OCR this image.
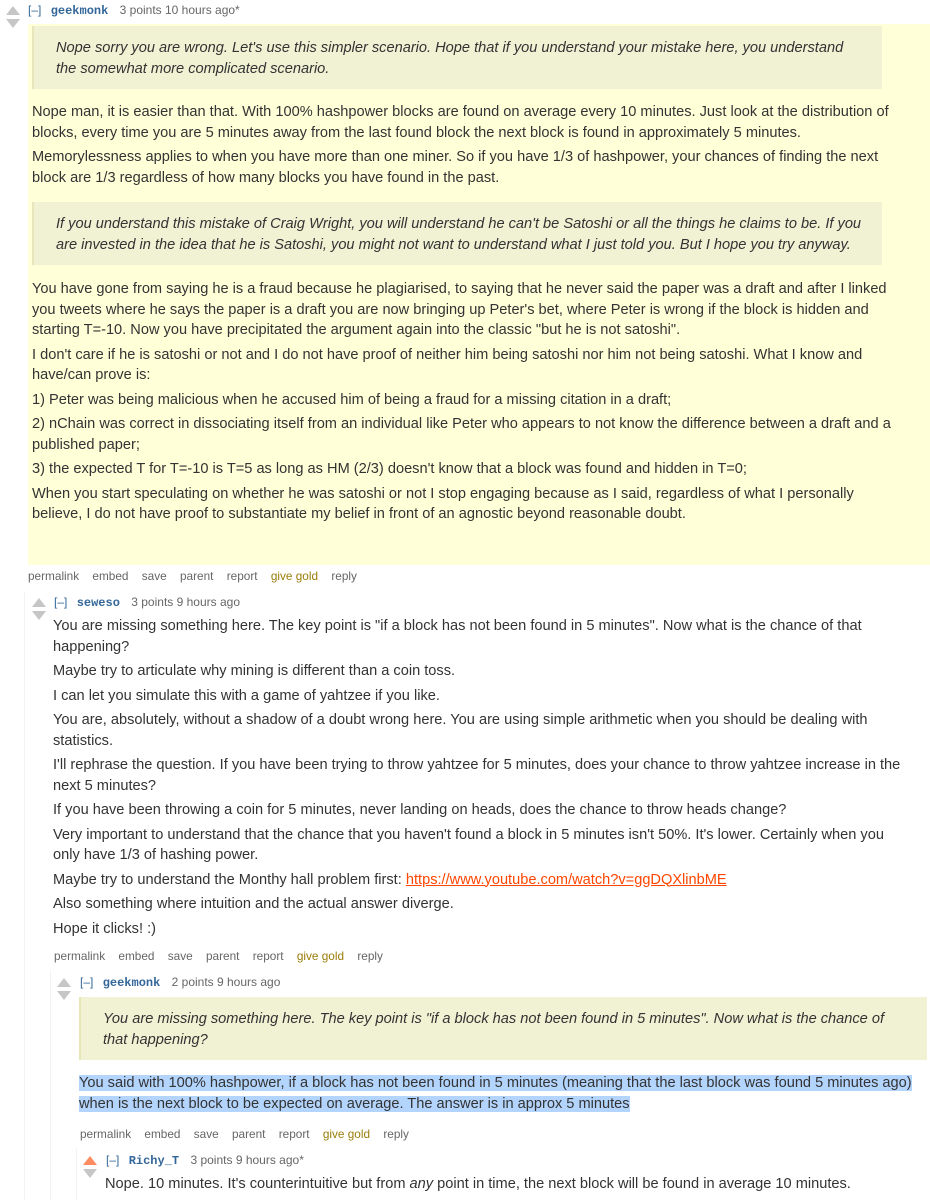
[–] geekmonk 3 points 10 hours ago*
Nope sorry you are wrong. Let's use this simpler scenario. Hope that if you understand your mistake here, you understand the somewhat more complicated scenario.

Nope man, it is easier than that. With 100% hashpower blocks are found on average every 10 minutes. Just look at the distribution of blocks, every time you are 5 minutes away from the last found block the next block is found in approximately 5 minutes.

Memorylessness applies to when you have more than one miner. So if you have 1/3 of hashpower, your chances of finding the next block are 1/3 regardless of how many blocks you have found in the past.

If you understand this mistake of Craig Wright, you will understand he can't be Satoshi or all the things he claims to be. If you are invested in the idea that he is Satoshi, you might not want to understand what I just told you. But I hope you try anyway.

You have gone from saying he is a fraud because he plagiarised, to saying that he never said the paper was a draft and after I linked you tweets where he says the paper is a draft you are now bringing up Peter's bet, where Peter is wrong if the block is hidden and starting T=-10. Now you have precipitated the argument again into the classic "but he is not satoshi".

I don't care if he is satoshi or not and I do not have proof of neither him being satoshi nor him not being satoshi. What I know and have/can prove is:

1) Peter was being malicious when he accused him of being a fraud for a missing citation in a draft;

2) nChain was correct in dissociating itself from an individual like Peter who appears to not know the difference between a draft and a published paper;

3) the expected T for T=-10 is T=5 as long as HM (2/3) doesn't know that a block was found and hidden in T=0;

When you start speculating on whether he was satoshi or not I stop engaging because as I said, regardless of what I personally believe, I do not have proof to substantiate my belief in front of an agnostic beyond reasonable doubt.

permalink embed save parent report give gold reply
[–] seweso 3 points 9 hours ago

You are missing something here. The key point is "if a block has not been found in 5 minutes". Now what is the chance of that happening?

Maybe try to articulate why mining is different than a coin toss.

I can let you simulate this with a game of yahtzee if you like.

You are, absolutely, without a shadow of a doubt wrong here. You are using simple arithmetic when you should be dealing with statistics.

I'll rephrase the question. If you have been trying to throw yahtzee for 5 minutes, does your chance to throw yahtzee increase in the next 5 minutes?

If you have been throwing a coin for 5 minutes, never landing on heads, does the chance to throw heads change?

Very important to understand that the chance that you haven't found a block in 5 minutes isn't 50%. It's lower. Certainly when you only have 1/3 of hashing power.

Maybe try to understand the Monthy hall problem first: https://www.youtube.com/watch?v=ggDQXlinbME

Also something where intuition and the actual answer diverge.

Hope it clicks! :)

permalink embed save parent report give gold reply
[–] geekmonk 2 points 9 hours ago
You are missing something here. The key point is "if a block has not been found in 5 minutes". Now what is the chance of that happening?

You said with 100% hashpower, if a block has not been found in 5 minutes (meaning that the last block was found 5 minutes ago) when is the next block to be expected on average. The answer is in approx 5 minutes

permalink embed save parent report give gold reply
[–] Richy_T 3 points 9 hours ago*

Nope. 10 minutes. It's counterintuitive but from any point in time, the next block will be found in average 10 minutes.
